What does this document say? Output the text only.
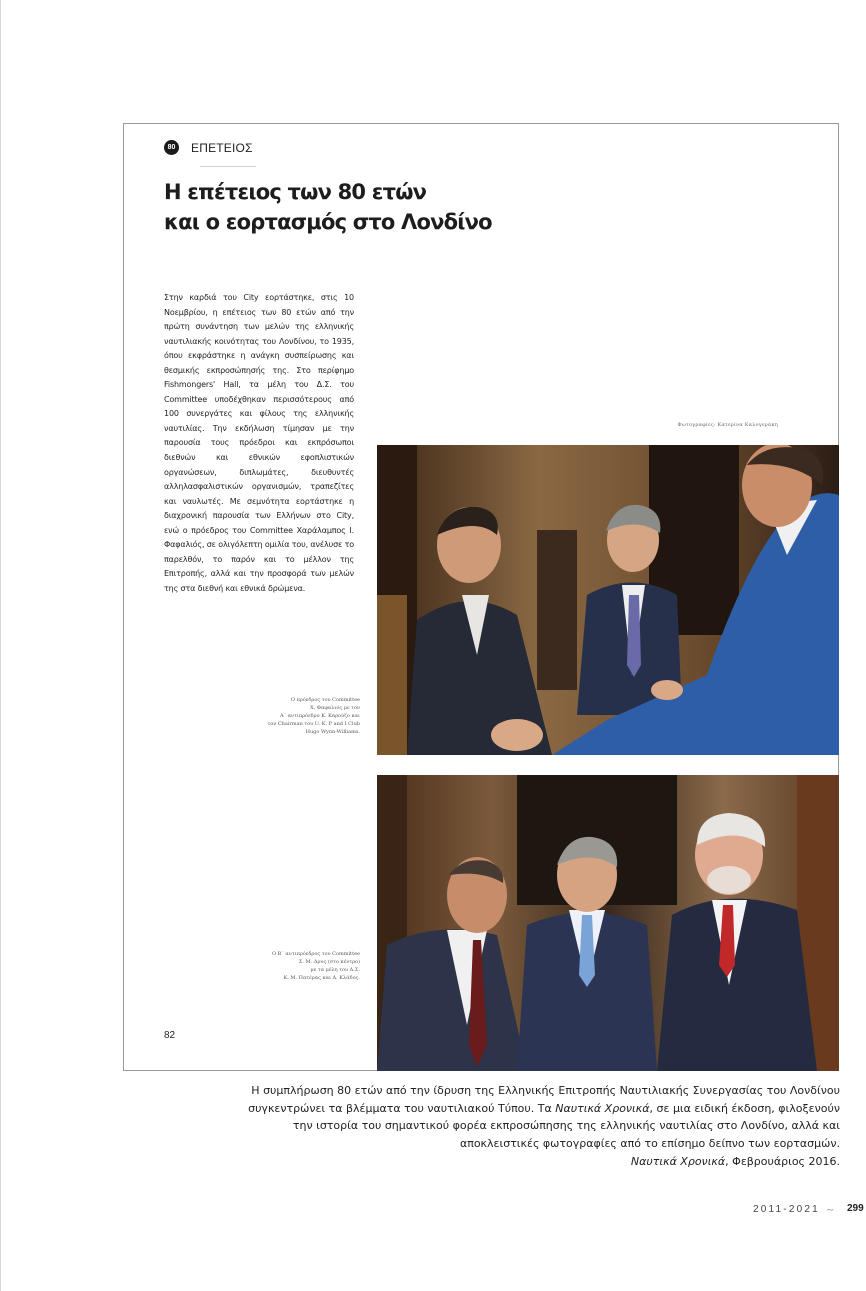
80	ΕΠΕΤΕΙΟΣ
Η επέτειος των 80 ετών
και ο εορτασμός στο Λονδίνο

Στην καρδιά του City εορτάστηκε, στις 10 Νοεμβρίου, η επέτειος των 80 ετών από την πρώτη συνάντηση των μελών της ελληνικής ναυτιλιακής κοινότητας του Λονδίνου, το 1935, όπου εκφράστηκε η ανάγκη συσπείρωσης και θεσμικής εκπροσώπησής της. Στο περίφημο Fishmongers' Hall, τα μέλη του Δ.Σ. του Committee υποδέχθηκαν περισσότερους από 100 συνεργάτες και φίλους της ελληνικής ναυτιλίας. Την εκδήλωση τίμησαν με την παρουσία τους πρόεδροι και εκπρόσωποι διεθνών και εθνικών εφοπλιστικών οργανώσεων, διπλωμάτες, διευθυντές αλληλασφαλιστικών οργανισμών, τραπεζίτες και ναυλωτές. Με σεμνότητα εορτάστηκε η διαχρονική παρουσία των Ελλήνων στο City, ενώ ο πρόεδρος του Committee Χαράλαμπος Ι. Φαφαλιός, σε ολιγόλεπτη ομιλία του, ανέλυσε το παρελθόν, το παρόν και το μέλλον της Επιτροπής, αλλά και την προσφορά των μελών της στα διεθνή και εθνικά δρώμενα.

Φωτογραφίες: Κατερίνα Καλογεράκη

Ο πρόεδρος του Committee
Χ. Φαφαλιός με τον
Α΄ αντιπρόεδρο Κ. Καρούζο και
τον Chairman του U. K. P and I Club
Hugo Wynn-Williams.

Ο Β΄ αντιπρόεδρος του Committee
Σ. Μ. Δρυς (στο κέντρο)
με τα μέλη του Δ.Σ.
Κ. Μ. Πατέρας και Δ. Κλάδος.

82

Η συμπλήρωση 80 ετών από την ίδρυση της Ελληνικής Επιτροπής Ναυτιλιακής Συνεργασίας του Λονδίνου συγκεντρώνει τα βλέμματα του ναυτιλιακού Τύπου. Τα Ναυτικά Χρονικά, σε μια ειδική έκδοση, φιλοξενούν την ιστορία του σημαντικού φορέα εκπροσώπησης της ελληνικής ναυτιλίας στο Λονδίνο, αλλά και αποκλειστικές φωτογραφίες από το επίσημο δείπνο των εορτασμών.

Ναυτικά Χρονικά, Φεβρουάριος 2016.

2011-2021 ~ 299
